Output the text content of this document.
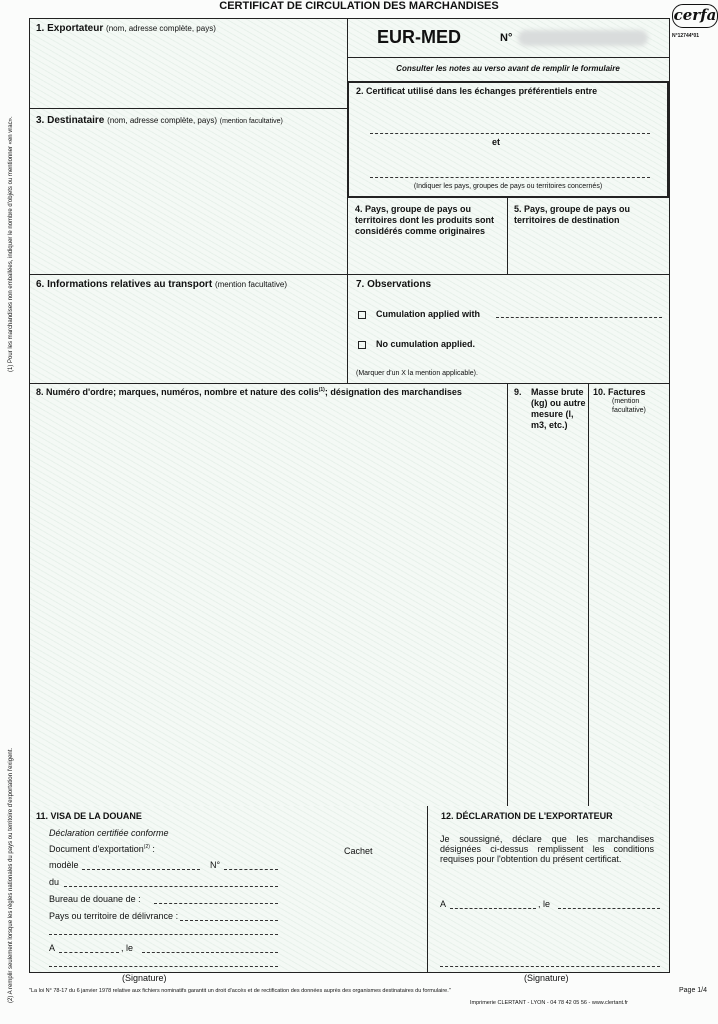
CERTIFICAT DE CIRCULATION DES MARCHANDISES	cerfa
N°12744*01
(1) Pour les marchandises non emballées, indiquer le nombre d'objets ou mentionner «en vrac».
(2) A remplir seulement lorsque les règles nationales du pays ou territoire d'exportation l'exigent.
1. Exportateur (nom, adresse complète, pays)	EUR-MED	N°
Consulter les notes au verso avant de remplir le formulaire
2. Certificat utilisé dans les échanges préférentiels entre
et
(Indiquer les pays, groupes de pays ou territoires concernés)
3. Destinataire (nom, adresse complète, pays) (mention facultative)
4. Pays, groupe de pays ou territoires dont les produits sont considérés comme originaires
5. Pays, groupe de pays ou territoires de destination
6. Informations relatives au transport (mention facultative)	7. Observations
Cumulation applied with
No cumulation applied.
(Marquer d'un X la mention applicable).
8. Numéro d'ordre; marques, numéros, nombre et nature des colis$^{(1)}$; désignation des marchandises	9. Masse brute (kg) ou autre mesure (l, m3, etc.)
10. Factures
(mention facultative)
11. VISA DE LA DOUANE
Déclaration certifiée conforme
Document d'exportation$^{(2)}$ :	Cachet
modèle	N°
du
Bureau de douane de :
Pays ou territoire de délivrance :
A	, le
12. DÉCLARATION DE L'EXPORTATEUR
Je soussigné, déclare que les marchandises désignées ci-dessus remplissent les conditions requises pour l'obtention du présent certificat.
A	, le
(Signature)	(Signature)
"La loi N° 78-17 du 6 janvier 1978 relative aux fichiers nominatifs garantit un droit d'accès et de rectification des données auprès des organismes destinataires du formulaire."	Page 1/4
Imprimerie CLERTANT - LYON - 04 78 42 05 56 - www.clertant.fr
